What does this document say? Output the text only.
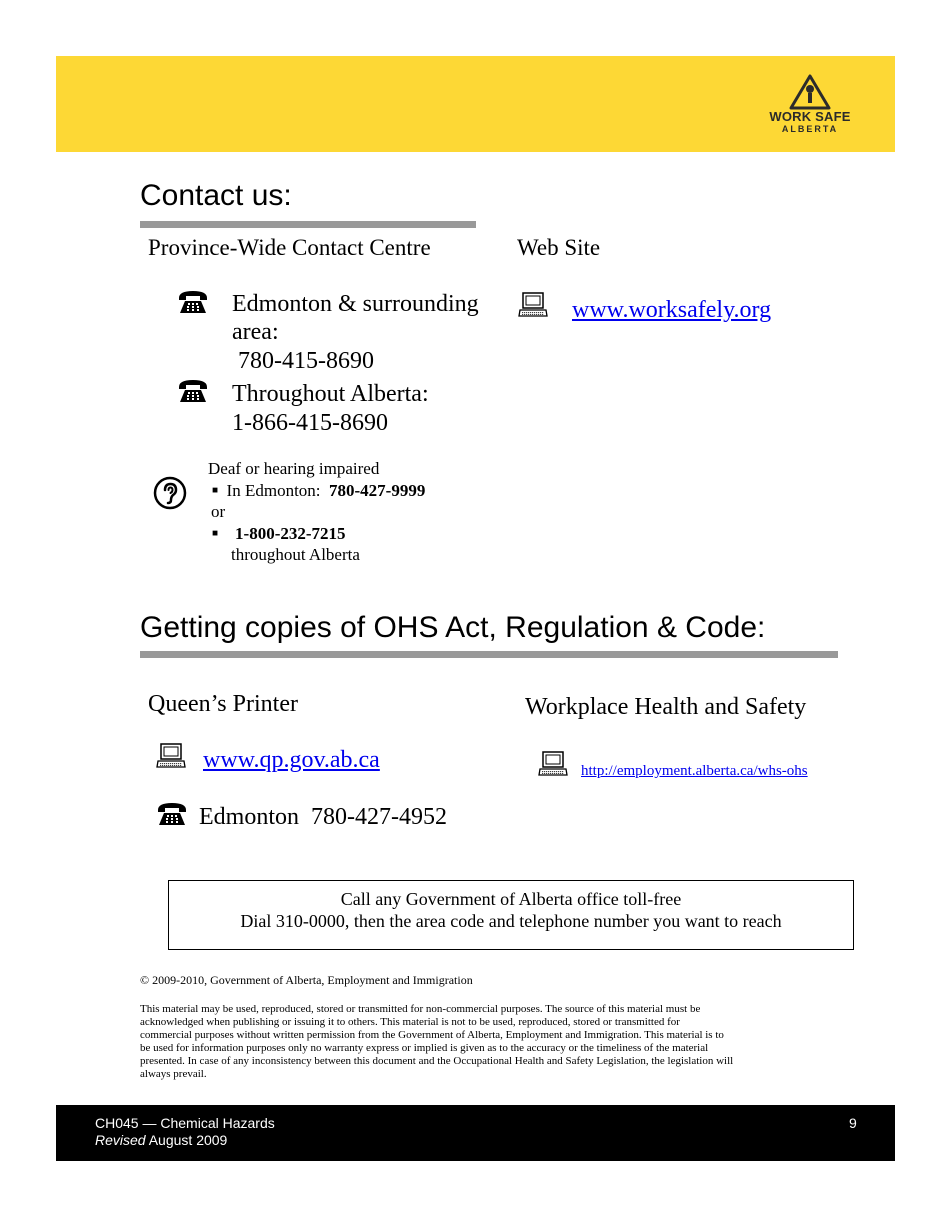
WORK SAFE
ALBERTA
Contact us:
Province-Wide Contact Centre
Edmonton & surrounding
area:
780-415-8690
Throughout Alberta:
1-866-415-8690
Deaf or hearing impaired
■ In Edmonton: 780-427-9999
or
■ 1-800-232-7215
throughout Alberta
Web Site
www.worksafely.org
Getting copies of OHS Act, Regulation & Code:
Queen’s Printer
www.qp.gov.ab.ca
Edmonton 780-427-4952
Workplace Health and Safety
http://employment.alberta.ca/whs-ohs
Call any Government of Alberta office toll-free
Dial 310-0000, then the area code and telephone number you want to reach
© 2009-2010, Government of Alberta, Employment and Immigration
This material may be used, reproduced, stored or transmitted for non-commercial purposes. The source of this material must be
acknowledged when publishing or issuing it to others. This material is not to be used, reproduced, stored or transmitted for
commercial purposes without written permission from the Government of Alberta, Employment and Immigration. This material is to
be used for information purposes only no warranty express or implied is given as to the accuracy or the timeliness of the material
presented. In case of any inconsistency between this document and the Occupational Health and Safety Legislation, the legislation will
always prevail.
CH045 — Chemical Hazards
Revised August 2009
9
